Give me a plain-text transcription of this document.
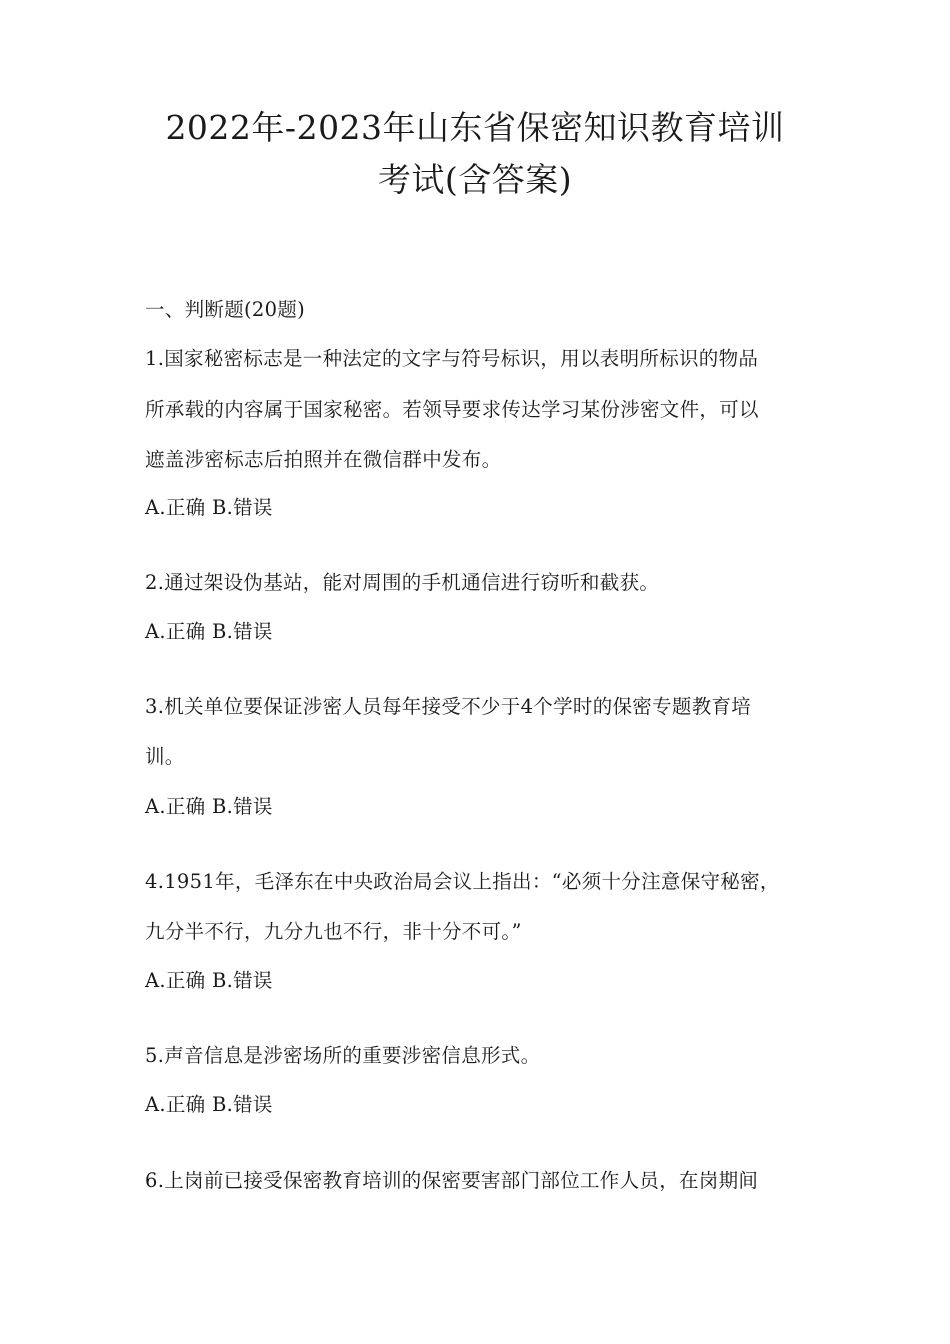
2022年-2023年山东省保密知识教育培训
考试(含答案)
一、判断题(20题)
1.国家秘密标志是一种法定的文字与符号标识，用以表明所标识的物品
所承载的内容属于国家秘密。若领导要求传达学习某份涉密文件，可以
遮盖涉密标志后拍照并在微信群中发布。
A.正确 B.错误
2.通过架设伪基站，能对周围的手机通信进行窃听和截获。
A.正确 B.错误
3.机关单位要保证涉密人员每年接受不少于4个学时的保密专题教育培
训。
A.正确 B.错误
4.1951年，毛泽东在中央政治局会议上指出：“必须十分注意保守秘密，
九分半不行，九分九也不行，非十分不可。”
A.正确 B.错误
5.声音信息是涉密场所的重要涉密信息形式。
A.正确 B.错误
6.上岗前已接受保密教育培训的保密要害部门部位工作人员，在岗期间
